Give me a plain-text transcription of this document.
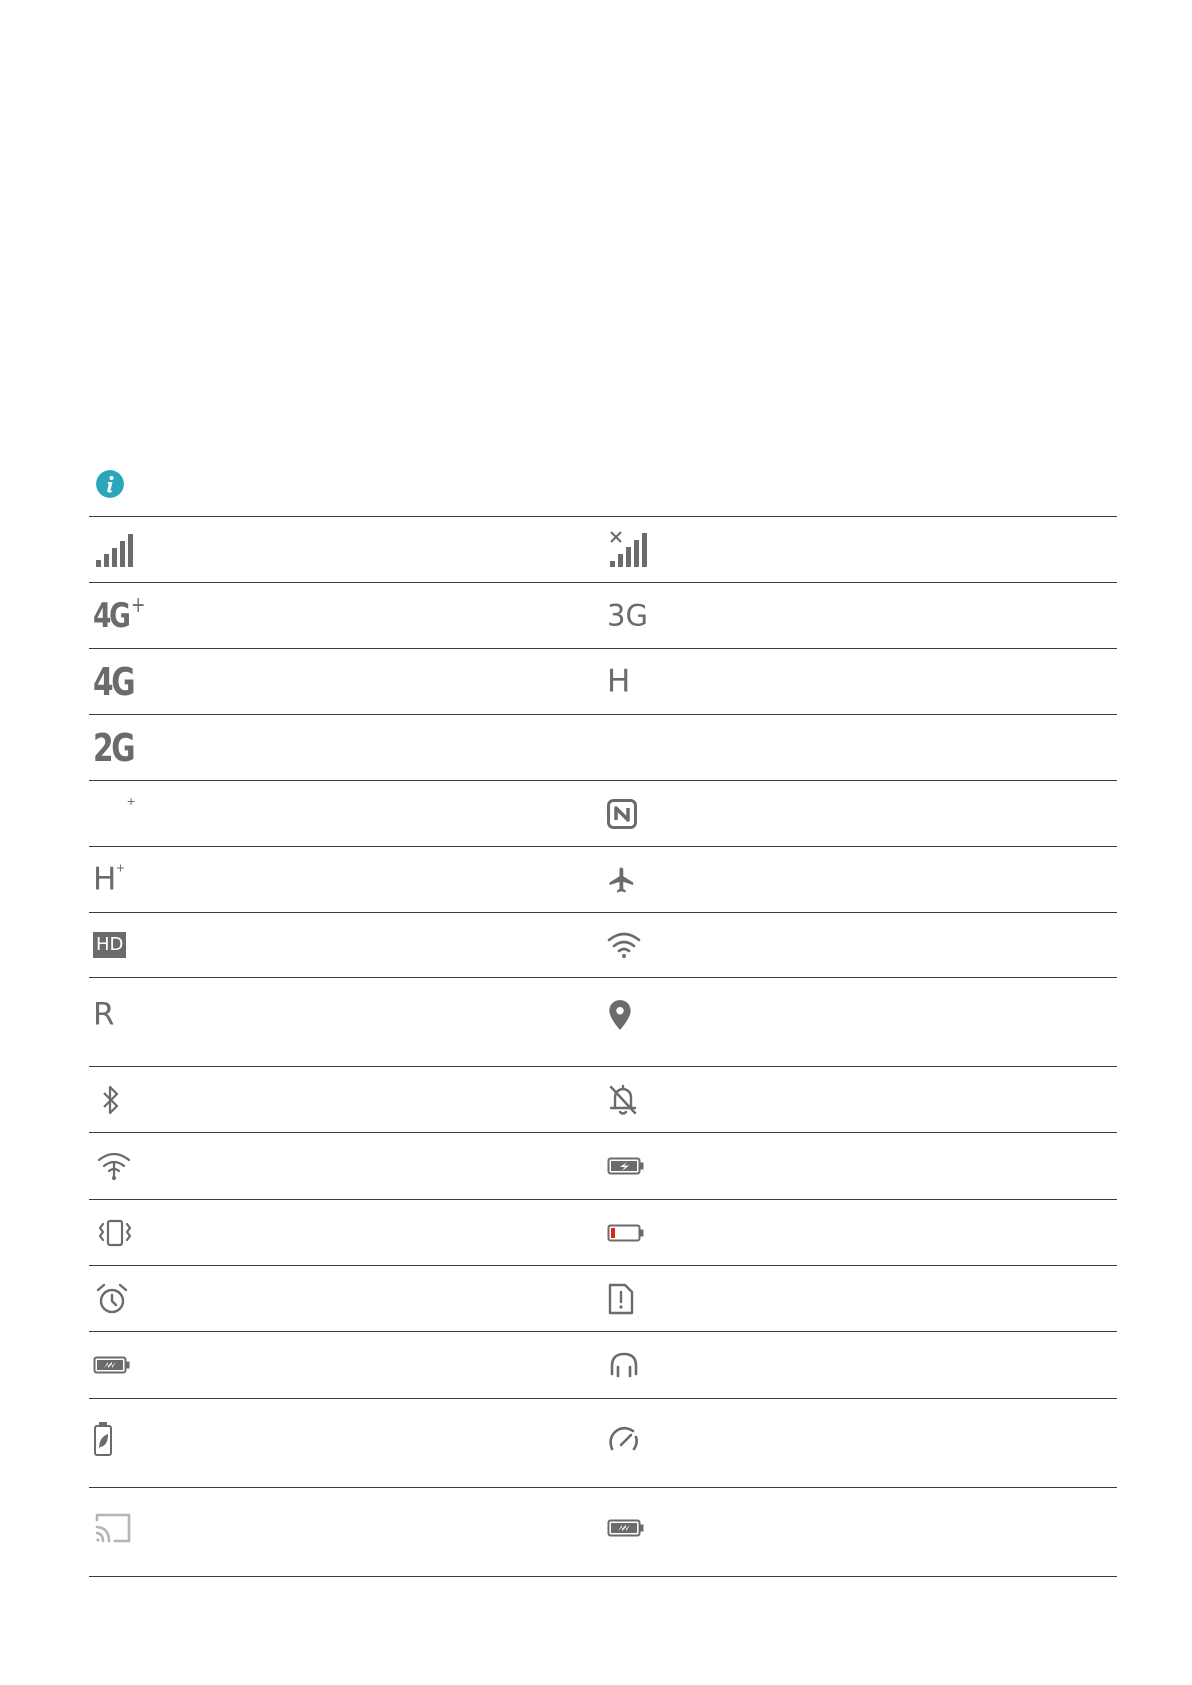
4G +	3G
4G	H
2G
+
H +
HD
R
